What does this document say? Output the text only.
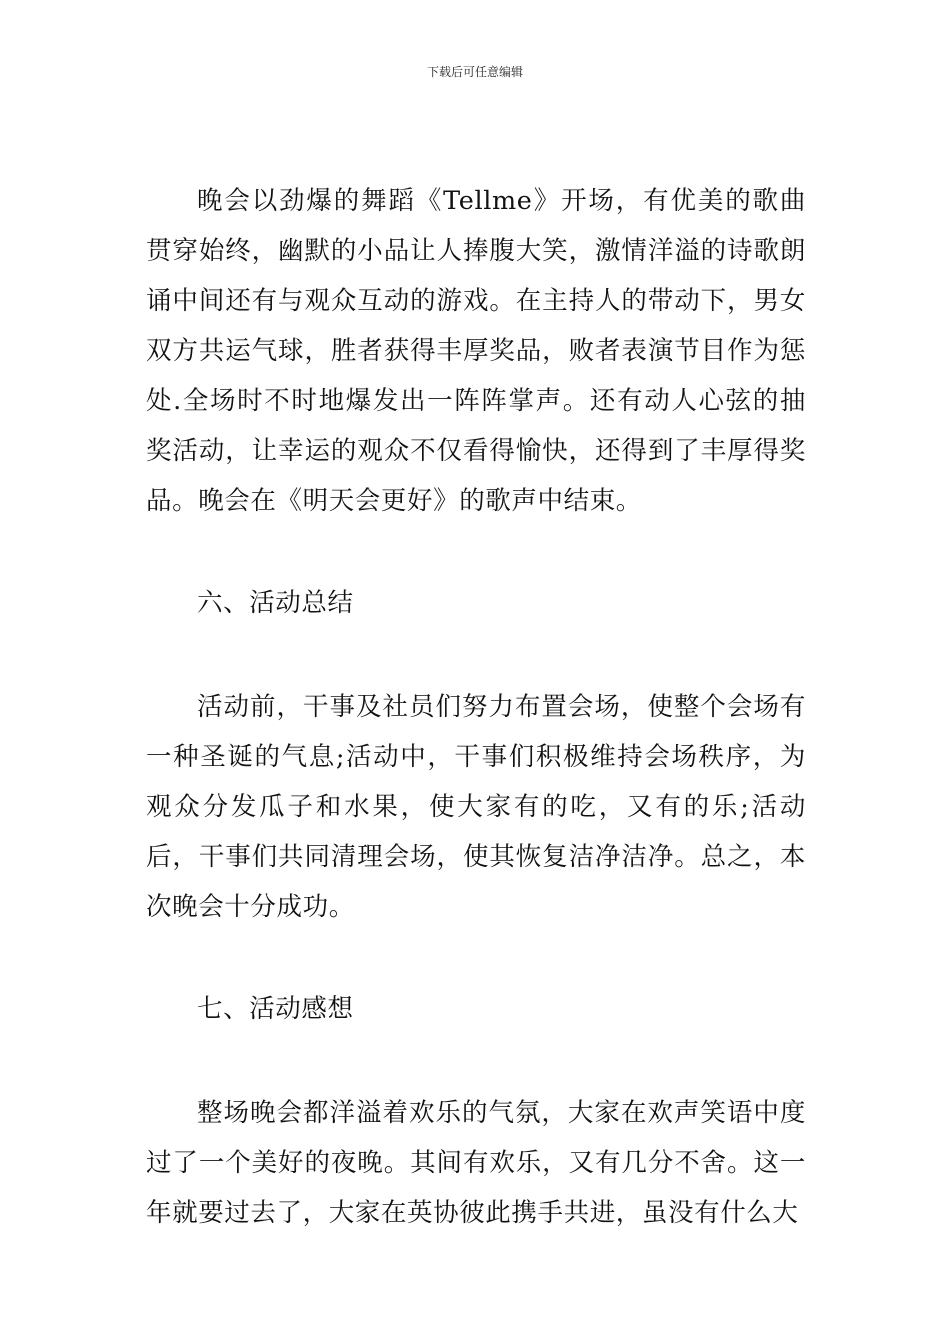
下载后可任意编辑

晚会以劲爆的舞蹈《Tellme》开场，有优美的歌曲贯穿始终，幽默的小品让人捧腹大笑，激情洋溢的诗歌朗诵中间还有与观众互动的游戏。在主持人的带动下，男女双方共运气球，胜者获得丰厚奖品，败者表演节目作为惩处.全场时不时地爆发出一阵阵掌声。还有动人心弦的抽奖活动，让幸运的观众不仅看得愉快，还得到了丰厚得奖品。晚会在《明天会更好》的歌声中结束。

六、活动总结

活动前，干事及社员们努力布置会场，使整个会场有一种圣诞的气息;活动中，干事们积极维持会场秩序，为观众分发瓜子和水果，使大家有的吃，又有的乐;活动后，干事们共同清理会场，使其恢复洁净洁净。总之，本次晚会十分成功。

七、活动感想

整场晚会都洋溢着欢乐的气氛，大家在欢声笑语中度过了一个美好的夜晚。其间有欢乐，又有几分不舍。这一年就要过去了，大家在英协彼此携手共进，虽没有什么大
